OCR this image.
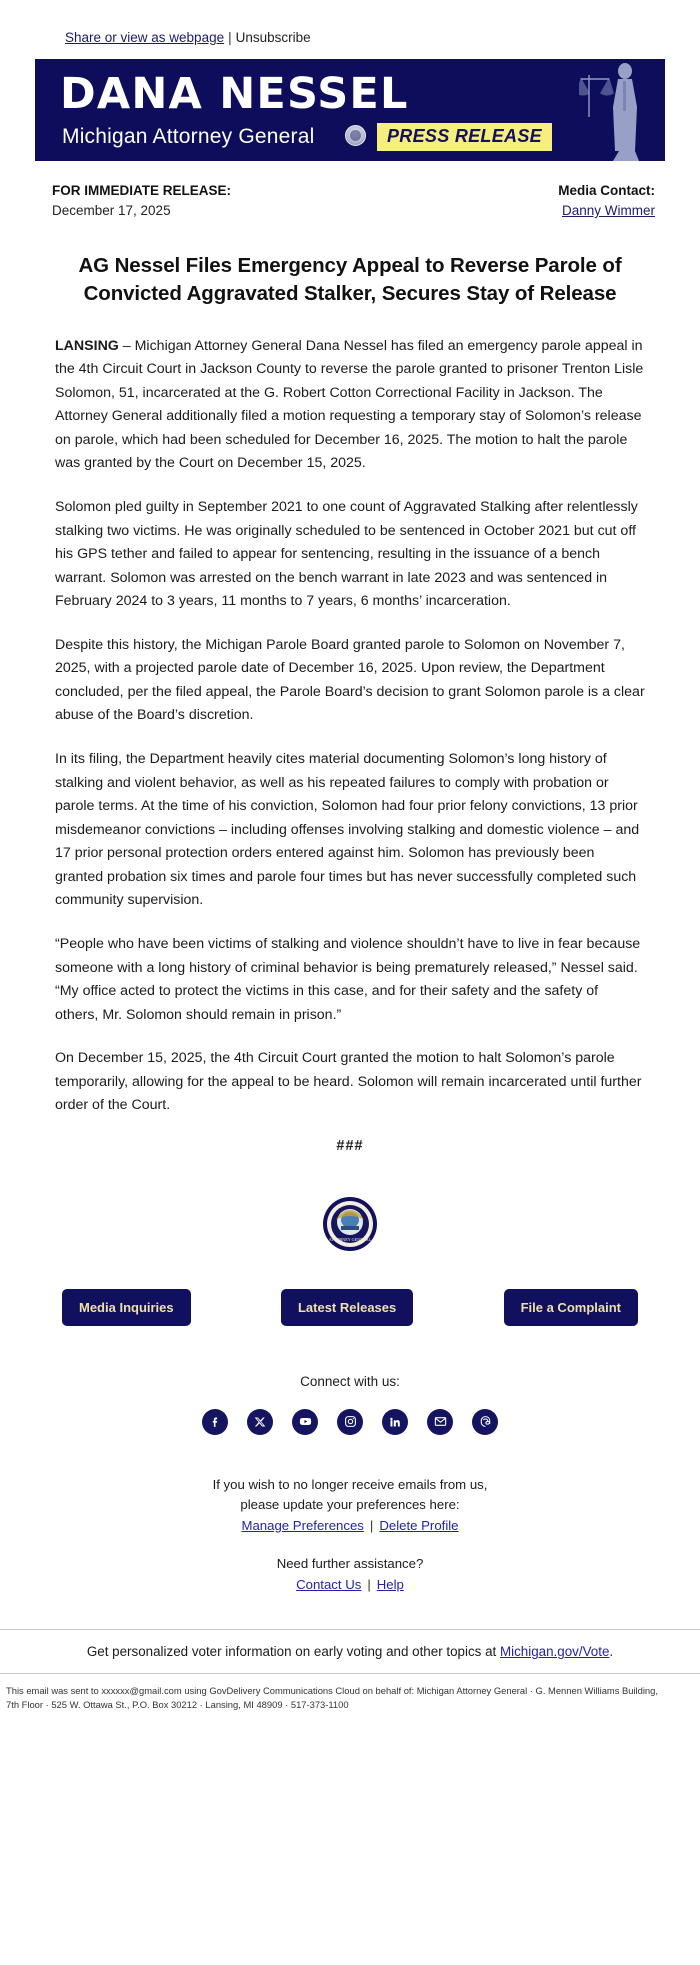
Share or view as webpage | Unsubscribe
DANA NESSEL
Michigan Attorney General	PRESS RELEASE
FOR IMMEDIATE RELEASE:
December 17, 2025
Media Contact:
Danny Wimmer
AG Nessel Files Emergency Appeal to Reverse Parole of Convicted Aggravated Stalker, Secures Stay of Release

LANSING – Michigan Attorney General Dana Nessel has filed an emergency parole appeal in the 4th Circuit Court in Jackson County to reverse the parole granted to prisoner Trenton Lisle Solomon, 51, incarcerated at the G. Robert Cotton Correctional Facility in Jackson. The Attorney General additionally filed a motion requesting a temporary stay of Solomon’s release on parole, which had been scheduled for December 16, 2025. The motion to halt the parole was granted by the Court on December 15, 2025.

Solomon pled guilty in September 2021 to one count of Aggravated Stalking after relentlessly stalking two victims. He was originally scheduled to be sentenced in October 2021 but cut off his GPS tether and failed to appear for sentencing, resulting in the issuance of a bench warrant. Solomon was arrested on the bench warrant in late 2023 and was sentenced in February 2024 to 3 years, 11 months to 7 years, 6 months’ incarceration.

Despite this history, the Michigan Parole Board granted parole to Solomon on November 7, 2025, with a projected parole date of December 16, 2025. Upon review, the Department concluded, per the filed appeal, the Parole Board’s decision to grant Solomon parole is a clear abuse of the Board’s discretion.

In its filing, the Department heavily cites material documenting Solomon’s long history of stalking and violent behavior, as well as his repeated failures to comply with probation or parole terms. At the time of his conviction, Solomon had four prior felony convictions, 13 prior misdemeanor convictions – including offenses involving stalking and domestic violence – and 17 prior personal protection orders entered against him. Solomon has previously been granted probation six times and parole four times but has never successfully completed such community supervision.

“People who have been victims of stalking and violence shouldn’t have to live in fear because someone with a long history of criminal behavior is being prematurely released,” Nessel said. “My office acted to protect the victims in this case, and for their safety and the safety of others, Mr. Solomon should remain in prison.”

On December 15, 2025, the 4th Circuit Court granted the motion to halt Solomon’s parole temporarily, allowing for the appeal to be heard. Solomon will remain incarcerated until further order of the Court.

###
ATTORNEY GENERAL
Media Inquiries	Latest Releases	File a Complaint
Connect with us:
If you wish to no longer receive emails from us,
please update your preferences here:
Manage Preferences | Delete Profile
Need further assistance?
Contact Us | Help
Get personalized voter information on early voting and other topics at Michigan.gov/Vote.
This email was sent to xxxxxx@gmail.com using GovDelivery Communications Cloud on behalf of: Michigan Attorney General · G. Mennen Williams Building,
7th Floor · 525 W. Ottawa St., P.O. Box 30212 · Lansing, MI 48909 · 517-373-1100
